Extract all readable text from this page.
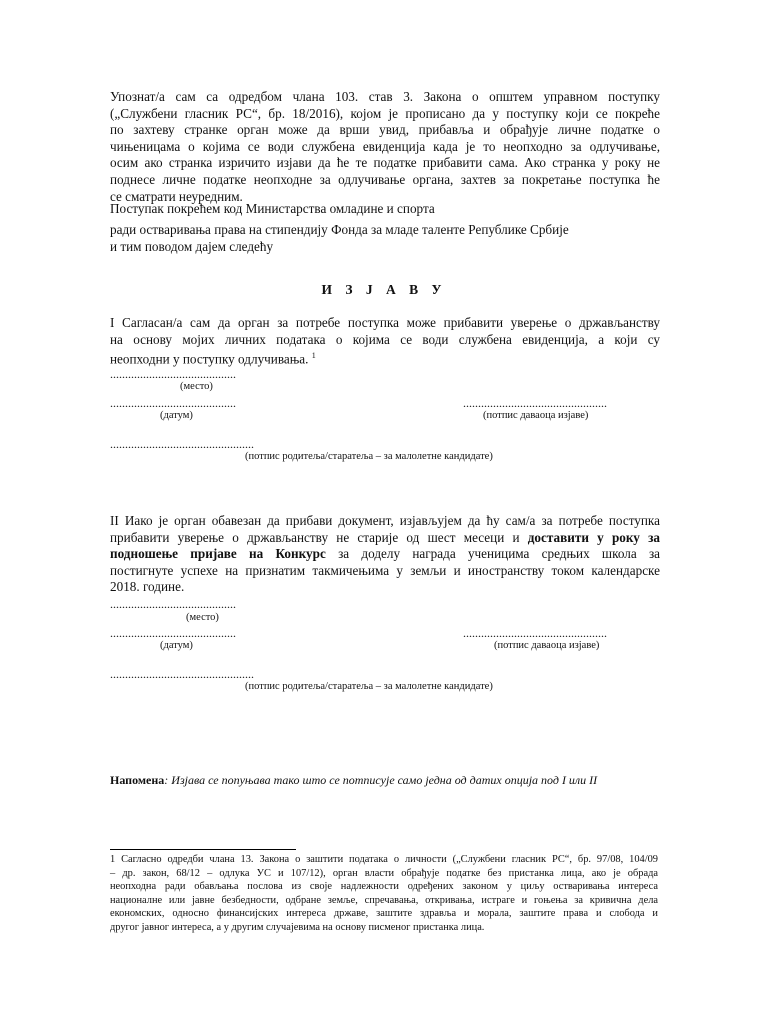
Упознат/а сам са одредбом члана 103. став 3. Закона о општем управном поступку
(„Службени гласник РС“, бр. 18/2016), којом је прописано да у поступку који се покреће
по захтеву странке орган може да врши увид, прибавља и обрађује личне податке о
чињеницама о којима се води службена евиденција када је то неопходно за одлучивање,
осим ако странка изричито изјави да ће те податке прибавити сама. Ако странка у року не
поднесе личне податке неопходне за одлучивање органа, захтев за покретање поступка ће
се сматрати неуредним.
Поступак покрећем код Министарства омладине и спорта
ради остваривања права на стипендију Фонда за младе таленте Републике Србије
и тим поводом дајем следећу
И З Ј А В У
I Сагласан/а сам да орган за потребе поступка може прибавити уверење о држављанству
на основу мојих личних података о којима се води службена евиденција, а који су
неопходни у поступку одлучивања. $^1$
..........................................
(место)
..........................................
(датум)
................................................
(потпис даваоца изјаве)
................................................
(потпис родитеља/старатеља – за малолетне кандидате)
II Иако је орган обавезан да прибави документ, изјављујем да ћу сам/а за потребе поступка
прибавити уверење о држављанству не старије од шест месеци и доставити у року за
подношење пријаве на Конкурс за доделу награда ученицима средњих школа за
постигнуте успехе на признатим такмичењима у земљи и иностранству током календарске
2018. године.
..........................................
(место)
..........................................
(датум)
................................................
(потпис даваоца изјаве)
................................................
(потпис родитеља/старатеља – за малолетне кандидате)
Напомена: Изјава се попуњава тако што се потписује само једна од датих опција под I или II
1 Сагласно одредби члана 13. Закона о заштити података о личности („Службени гласник РС“, бр. 97/08, 104/09
– др. закон, 68/12 – одлука УС и 107/12), орган власти обрађује податке без пристанка лица, ако je обрада
неопходна ради обављања послова из своје надлежности одређених законом у циљу остваривања интереса
националне или јавне безбедности, одбране земље, спречавања, откривања, истраге и гоњења за кривична дела
економских, односно финансијских интереса државе, заштите здравља и морала, заштите права и слобода и
другог јавног интереса, а у другим случајевима на основу писменог пристанка лица.
